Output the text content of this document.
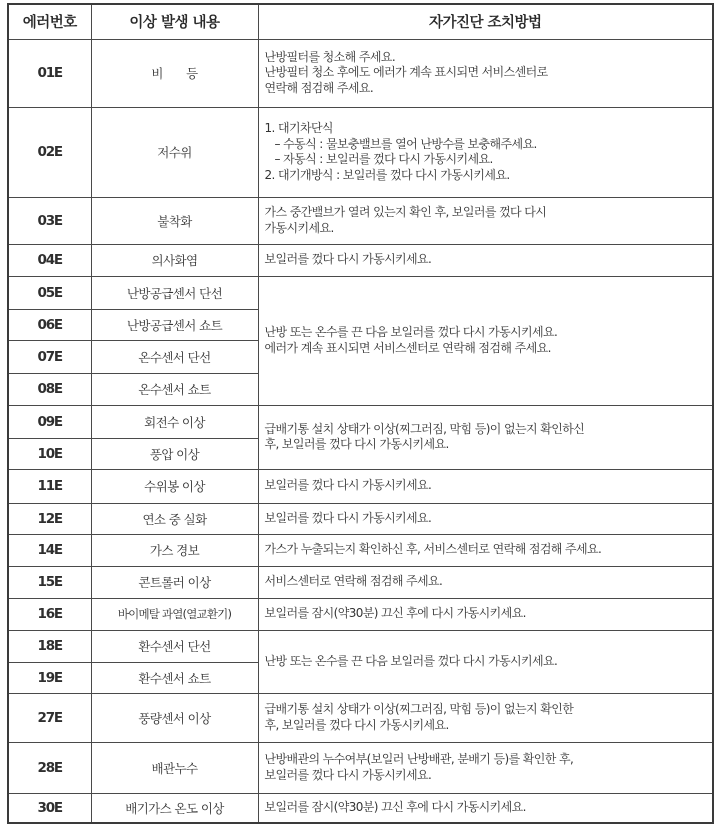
에러번호	이상 발생 내용	자가진단 조치방법
01E	비 등	난방필터를 청소해 주세요.
난방필터 청소 후에도 에러가 계속 표시되면 서비스센터로
연락해 점검해 주세요.

02E	저수위	1. 대기차단식
– 수동식 : 물보충밸브를 열어 난방수를 보충해주세요.
– 자동식 : 보일러를 껐다 다시 가동시키세요.
2. 대기개방식 : 보일러를 껐다 다시 가동시키세요.

03E	불착화	가스 중간밸브가 열려 있는지 확인 후, 보일러를 껐다 다시
가동시키세요.

04E	의사화염	보일러를 껐다 다시 가동시키세요.

05E	난방공급센서 단선	난방 또는 온수를 끈 다음 보일러를 껐다 다시 가동시키세요.
에러가 계속 표시되면 서비스센터로 연락해 점검해 주세요.

06E	난방공급센서 쇼트	
07E	온수센서 단선	
08E	온수센서 쇼트	
09E	회전수 이상	급배기통 설치 상태가 이상(찌그러짐, 막힘 등)이 없는지 확인하신
후, 보일러를 껐다 다시 가동시키세요.

10E	풍압 이상	
11E	수위봉 이상	보일러를 껐다 다시 가동시키세요.

12E	연소 중 실화	보일러를 껐다 다시 가동시키세요.

14E	가스 경보	가스가 누출되는지 확인하신 후, 서비스센터로 연락해 점검해 주세요.

15E	콘트롤러 이상	서비스센터로 연락해 점검해 주세요.

16E	바이메탈 과열(열교환기)	보일러를 잠시(약30분) 끄신 후에 다시 가동시키세요.

18E	환수센서 단선	난방 또는 온수를 끈 다음 보일러를 껐다 다시 가동시키세요.

19E	환수센서 쇼트	
27E	풍량센서 이상	급배기통 설치 상태가 이상(찌그러짐, 막힘 등)이 없는지 확인한
후, 보일러를 껐다 다시 가동시키세요.

28E	배관누수	난방배관의 누수여부(보일러 난방배관, 분배기 등)를 확인한 후,
보일러를 껐다 다시 가동시키세요.

30E	배기가스 온도 이상	보일러를 잠시(약30분) 끄신 후에 다시 가동시키세요.
